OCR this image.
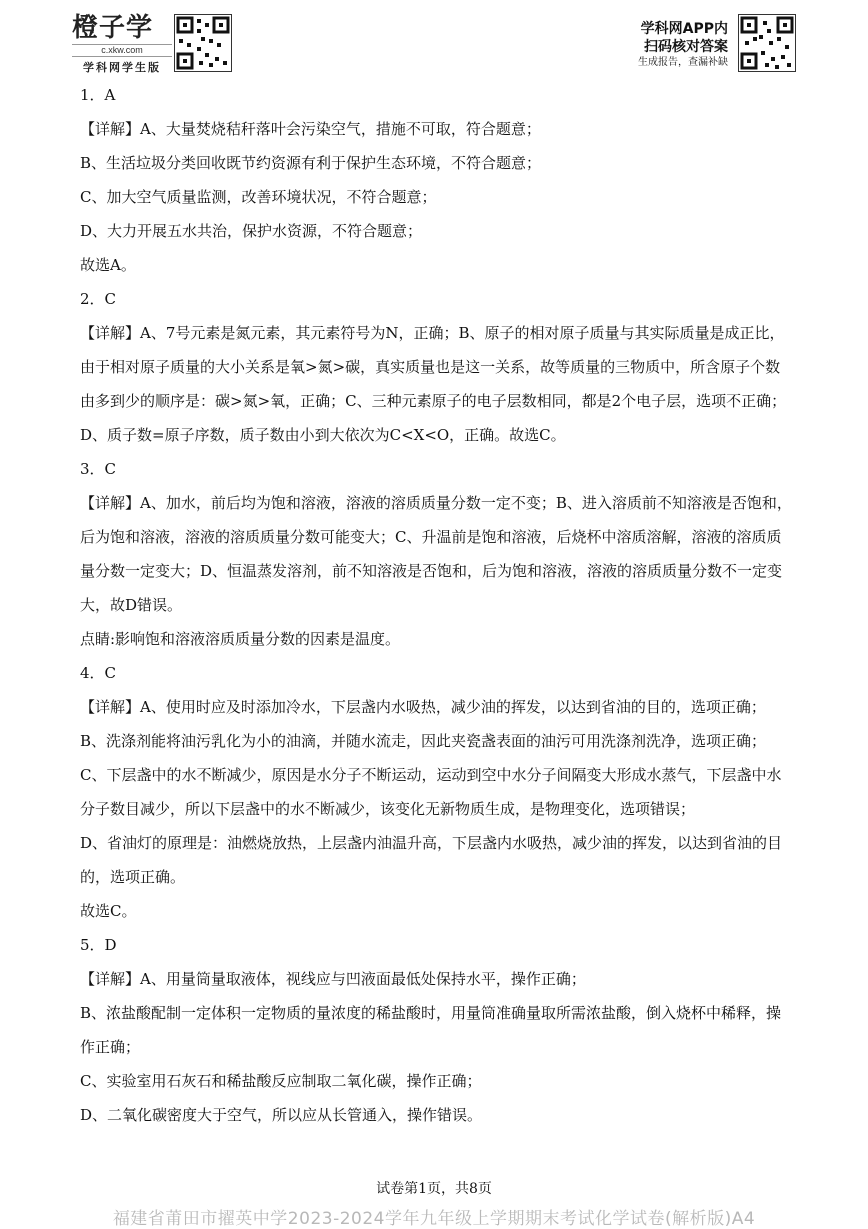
橙子学
c.xkw.com
学科网学生版
学科网APP内
扫码核对答案
生成报告，查漏补缺

1．A

【详解】A、大量焚烧秸秆落叶会污染空气，措施不可取，符合题意；

B、生活垃圾分类回收既节约资源有利于保护生态环境，不符合题意；

C、加大空气质量监测，改善环境状况，不符合题意；

D、大力开展五水共治，保护水资源，不符合题意；

故选A。

2．C

【详解】A、7号元素是氮元素，其元素符号为N，正确；B、原子的相对原子质量与其实际质量是成正比，

由于相对原子质量的大小关系是氧>氮>碳，真实质量也是这一关系，故等质量的三物质中，所含原子个数

由多到少的顺序是：碳>氮>氧，正确；C、三种元素原子的电子层数相同，都是2个电子层，选项不正确；

D、质子数=原子序数，质子数由小到大依次为C<X<O，正确。故选C。

3．C

【详解】A、加水，前后均为饱和溶液，溶液的溶质质量分数一定不变；B、进入溶质前不知溶液是否饱和，

后为饱和溶液，溶液的溶质质量分数可能变大；C、升温前是饱和溶液，后烧杯中溶质溶解，溶液的溶质质

量分数一定变大；D、恒温蒸发溶剂，前不知溶液是否饱和，后为饱和溶液，溶液的溶质质量分数不一定变

大，故D错误。

点睛:影响饱和溶液溶质质量分数的因素是温度。

4．C

【详解】A、使用时应及时添加冷水，下层盏内水吸热，减少油的挥发，以达到省油的目的，选项正确；

B、洗涤剂能将油污乳化为小的油滴，并随水流走，因此夹瓷盏表面的油污可用洗涤剂洗净，选项正确；

C、下层盏中的水不断减少，原因是水分子不断运动，运动到空中水分子间隔变大形成水蒸气，下层盏中水

分子数目减少，所以下层盏中的水不断减少，该变化无新物质生成，是物理变化，选项错误；

D、省油灯的原理是：油燃烧放热，上层盏内油温升高，下层盏内水吸热，减少油的挥发，以达到省油的目

的，选项正确。

故选C。

5．D

【详解】A、用量筒量取液体，视线应与凹液面最低处保持水平，操作正确；

B、浓盐酸配制一定体积一定物质的量浓度的稀盐酸时，用量筒准确量取所需浓盐酸，倒入烧杯中稀释，操

作正确；

C、实验室用石灰石和稀盐酸反应制取二氧化碳，操作正确；

D、二氧化碳密度大于空气，所以应从长管通入，操作错误。

试卷第1页，共8页
福建省莆田市擢英中学2023-2024学年九年级上学期期末考试化学试卷(解析版)A4
